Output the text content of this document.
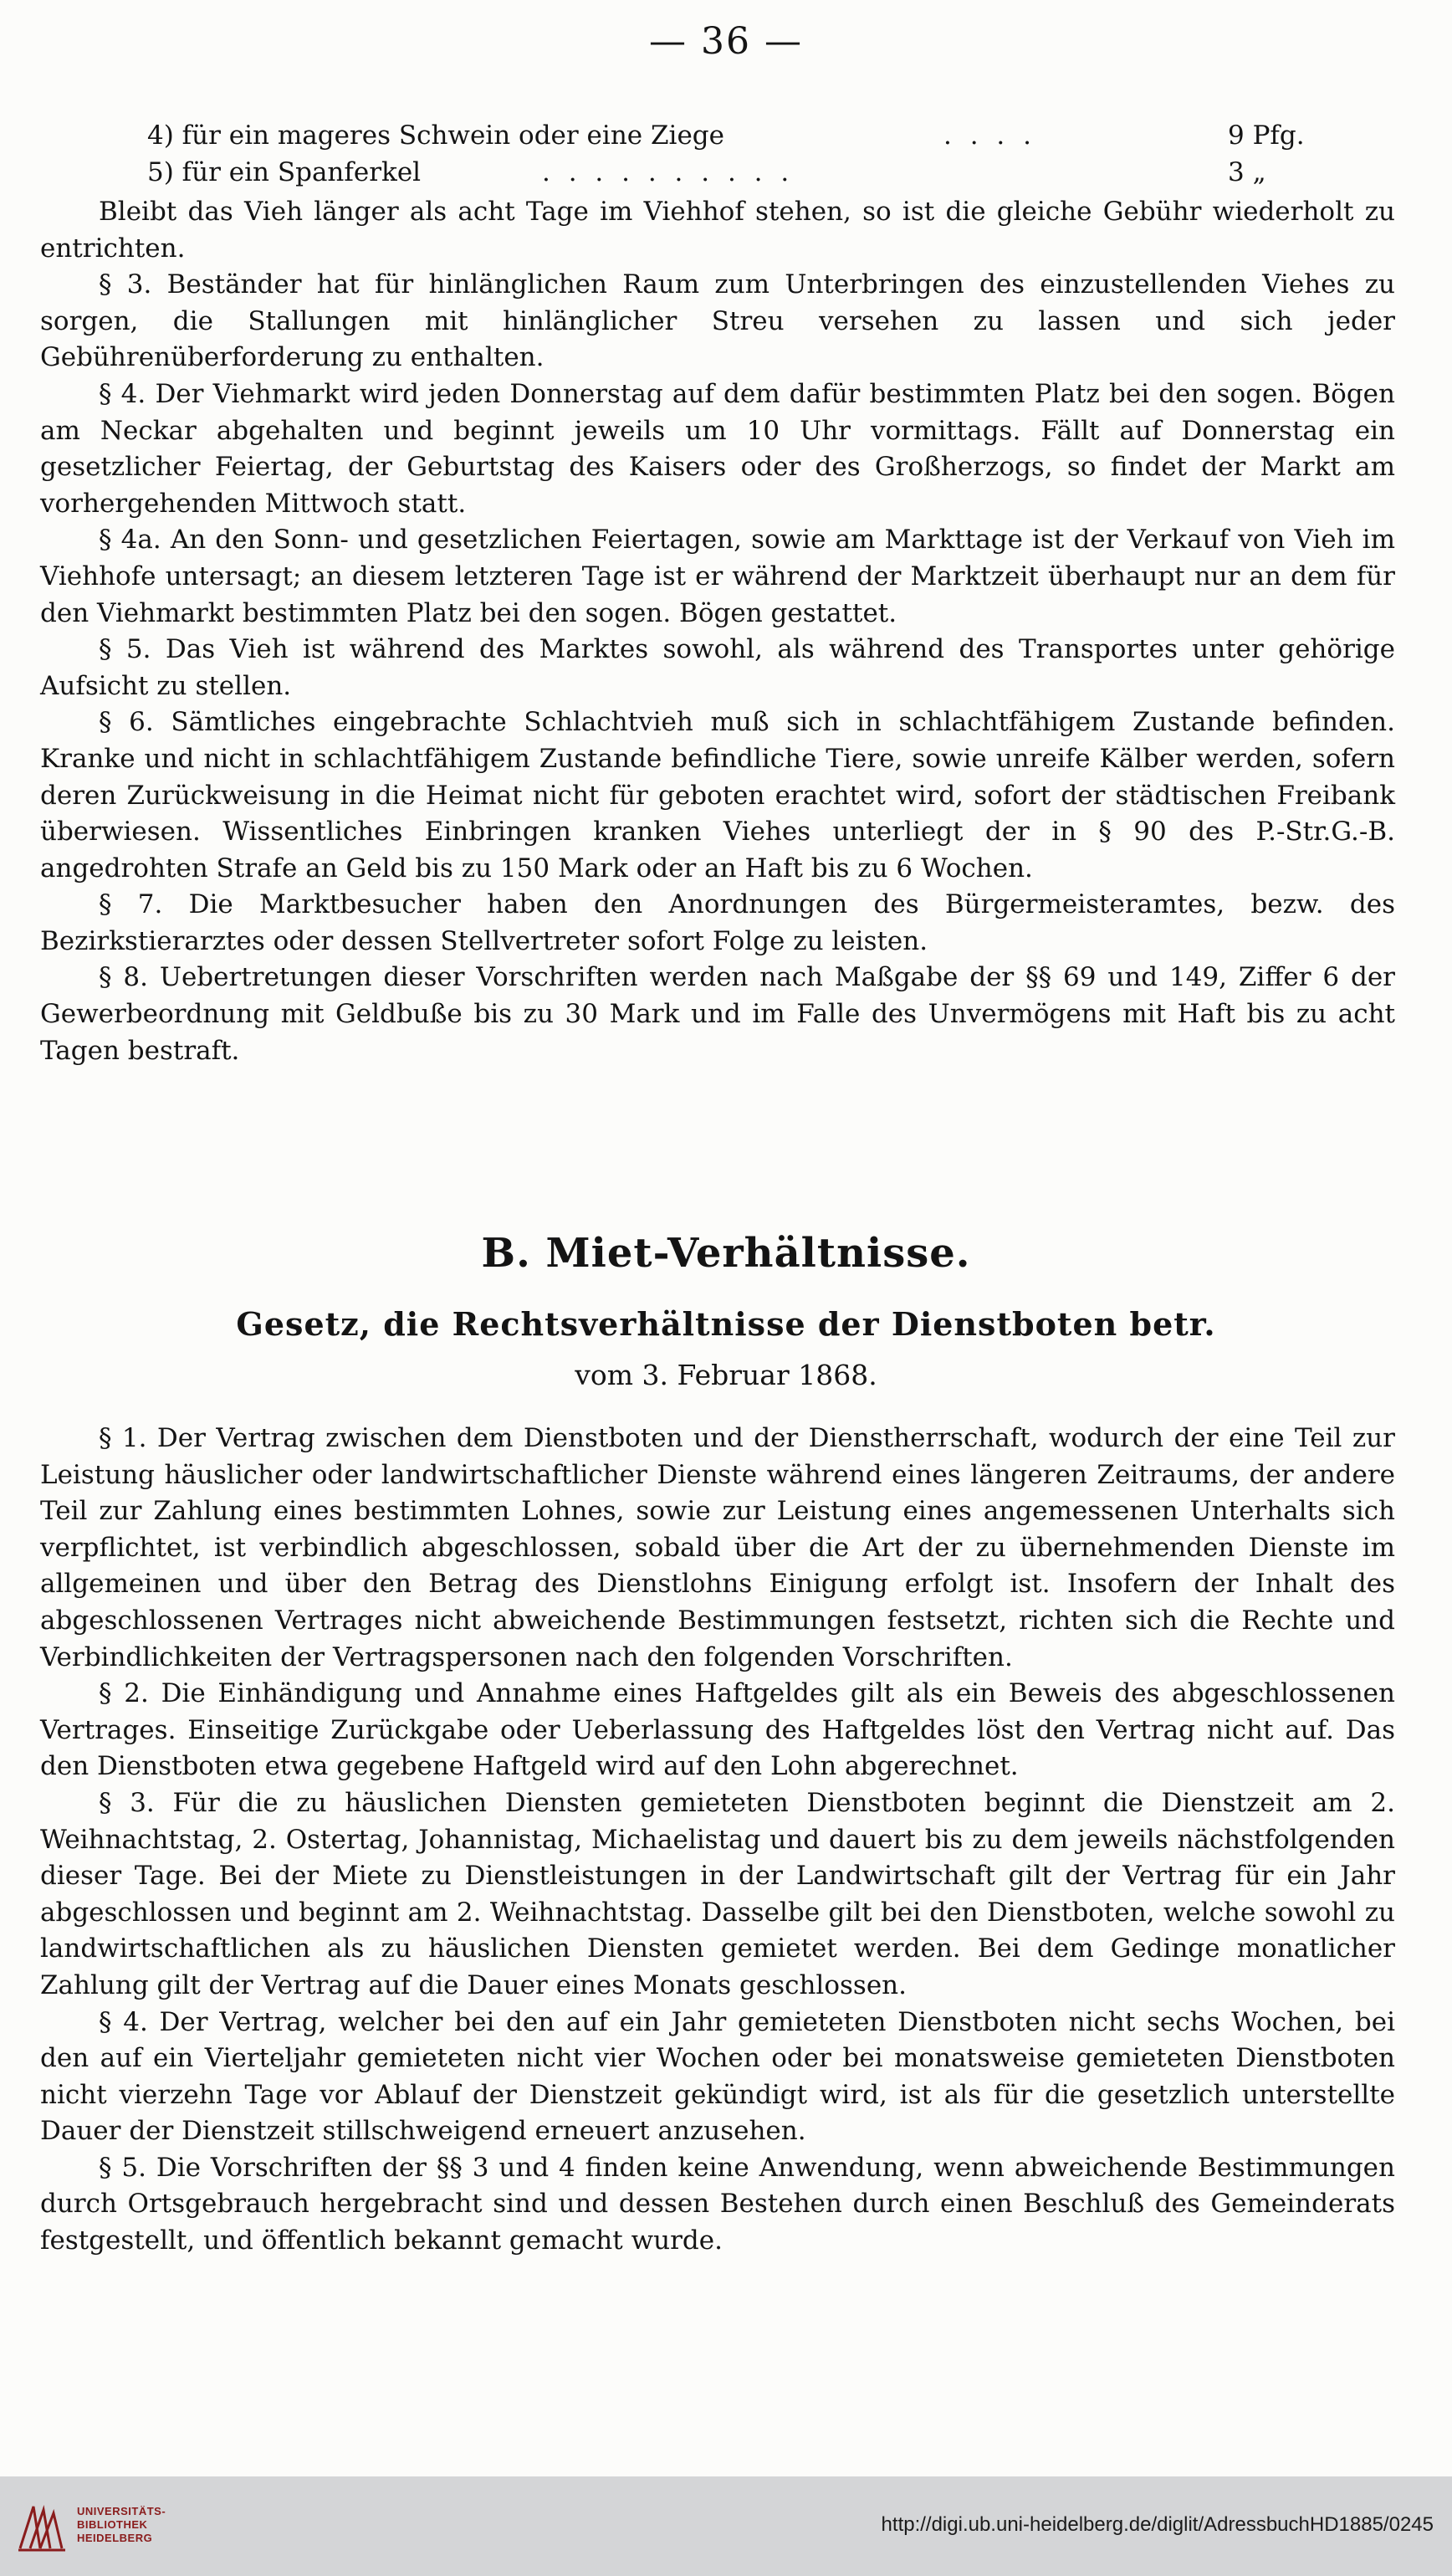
— 36 —
4) für ein mageres Schwein oder eine Ziege	. . . .	9 Pfg.
5) für ein Spanferkel	. . . . . . . . . .	3 „

Bleibt das Vieh länger als acht Tage im Viehhof stehen, so ist die gleiche Gebühr wiederholt zu entrichten.

§ 3. Beständer hat für hinlänglichen Raum zum Unterbringen des einzustellenden Viehes zu sorgen, die Stallungen mit hinlänglicher Streu versehen zu lassen und sich jeder Gebührenüberforderung zu enthalten.

§ 4. Der Viehmarkt wird jeden Donnerstag auf dem dafür bestimmten Platz bei den sogen. Bögen am Neckar abgehalten und beginnt jeweils um 10 Uhr vormittags. Fällt auf Donnerstag ein gesetzlicher Feiertag, der Geburtstag des Kaisers oder des Großherzogs, so findet der Markt am vorhergehenden Mittwoch statt.

§ 4a. An den Sonn- und gesetzlichen Feiertagen, sowie am Markttage ist der Verkauf von Vieh im Viehhofe untersagt; an diesem letzteren Tage ist er während der Marktzeit überhaupt nur an dem für den Viehmarkt bestimmten Platz bei den sogen. Bögen gestattet.

§ 5. Das Vieh ist während des Marktes sowohl, als während des Transportes unter gehörige Aufsicht zu stellen.

§ 6. Sämtliches eingebrachte Schlachtvieh muß sich in schlachtfähigem Zustande befinden. Kranke und nicht in schlachtfähigem Zustande befindliche Tiere, sowie unreife Kälber werden, sofern deren Zurückweisung in die Heimat nicht für geboten erachtet wird, sofort der städtischen Freibank überwiesen. Wissentliches Einbringen kranken Viehes unterliegt der in § 90 des P.-Str.G.-B. angedrohten Strafe an Geld bis zu 150 Mark oder an Haft bis zu 6 Wochen.

§ 7. Die Marktbesucher haben den Anordnungen des Bürgermeisteramtes, bezw. des Bezirkstierarztes oder dessen Stellvertreter sofort Folge zu leisten.

§ 8. Uebertretungen dieser Vorschriften werden nach Maßgabe der §§ 69 und 149, Ziffer 6 der Gewerbeordnung mit Geldbuße bis zu 30 Mark und im Falle des Unvermögens mit Haft bis zu acht Tagen bestraft.

B. Miet-Verhältnisse.
Gesetz, die Rechtsverhältnisse der Dienstboten betr.
vom 3. Februar 1868.

§ 1. Der Vertrag zwischen dem Dienstboten und der Dienstherrschaft, wodurch der eine Teil zur Leistung häuslicher oder landwirtschaftlicher Dienste während eines längeren Zeitraums, der andere Teil zur Zahlung eines bestimmten Lohnes, sowie zur Leistung eines angemessenen Unterhalts sich verpflichtet, ist verbindlich abgeschlossen, sobald über die Art der zu übernehmenden Dienste im allgemeinen und über den Betrag des Dienstlohns Einigung erfolgt ist. Insofern der Inhalt des abgeschlossenen Vertrages nicht abweichende Bestimmungen festsetzt, richten sich die Rechte und Verbindlichkeiten der Vertragspersonen nach den folgenden Vorschriften.

§ 2. Die Einhändigung und Annahme eines Haftgeldes gilt als ein Beweis des abgeschlossenen Vertrages. Einseitige Zurückgabe oder Ueberlassung des Haftgeldes löst den Vertrag nicht auf. Das den Dienstboten etwa gegebene Haftgeld wird auf den Lohn abgerechnet.

§ 3. Für die zu häuslichen Diensten gemieteten Dienstboten beginnt die Dienstzeit am 2. Weihnachtstag, 2. Ostertag, Johannistag, Michaelistag und dauert bis zu dem jeweils nächstfolgenden dieser Tage. Bei der Miete zu Dienstleistungen in der Landwirtschaft gilt der Vertrag für ein Jahr abgeschlossen und beginnt am 2. Weihnachtstag. Dasselbe gilt bei den Dienstboten, welche sowohl zu landwirtschaftlichen als zu häuslichen Diensten gemietet werden. Bei dem Gedinge monatlicher Zahlung gilt der Vertrag auf die Dauer eines Monats geschlossen.

§ 4. Der Vertrag, welcher bei den auf ein Jahr gemieteten Dienstboten nicht sechs Wochen, bei den auf ein Vierteljahr gemieteten nicht vier Wochen oder bei monatsweise gemieteten Dienstboten nicht vierzehn Tage vor Ablauf der Dienstzeit gekündigt wird, ist als für die gesetzlich unterstellte Dauer der Dienstzeit stillschweigend erneuert anzusehen.

§ 5. Die Vorschriften der §§ 3 und 4 finden keine Anwendung, wenn abweichende Bestimmungen durch Ortsgebrauch hergebracht sind und dessen Bestehen durch einen Beschluß des Gemeinderats festgestellt, und öffentlich bekannt gemacht wurde.

UNIVERSITÄTS-
BIBLIOTHEK
HEIDELBERG
http://digi.ub.uni-heidelberg.de/diglit/AdressbuchHD1885/0245
